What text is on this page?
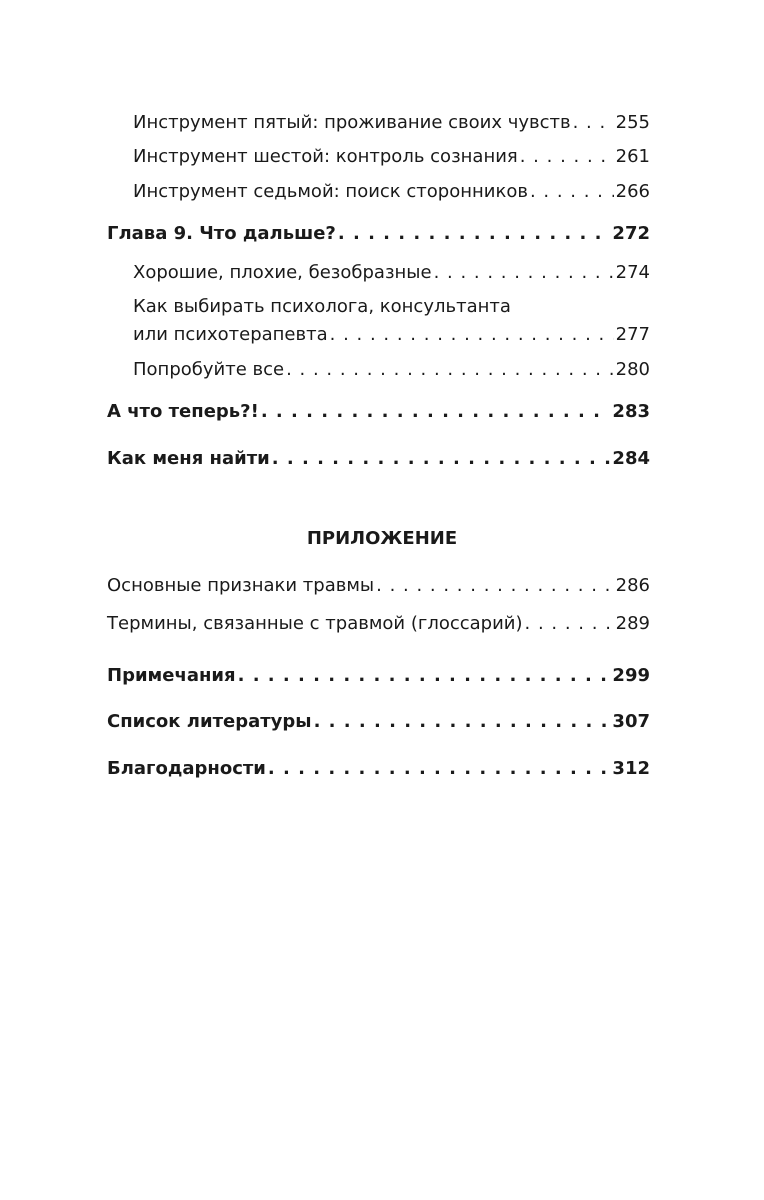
Инструмент пятый: проживание своих чувств . . .	255
Инструмент шестой: контроль сознания . . .	261
Инструмент седьмой: поиск сторонников . . .	266
Глава 9. Что дальше? . . .	272
Хорошие, плохие, безобразные . . .	274
Как выбирать психолога, консультанта
или психотерапевта . . .	277
Попробуйте все . . .	280
А что теперь?! . . .	283
Как меня найти . . .	284
ПРИЛОЖЕНИЕ
Основные признаки травмы . . .	286
Термины, связанные с травмой (глоссарий) . . .	289
Примечания . . .	299
Список литературы . . .	307
Благодарности . . .	312
